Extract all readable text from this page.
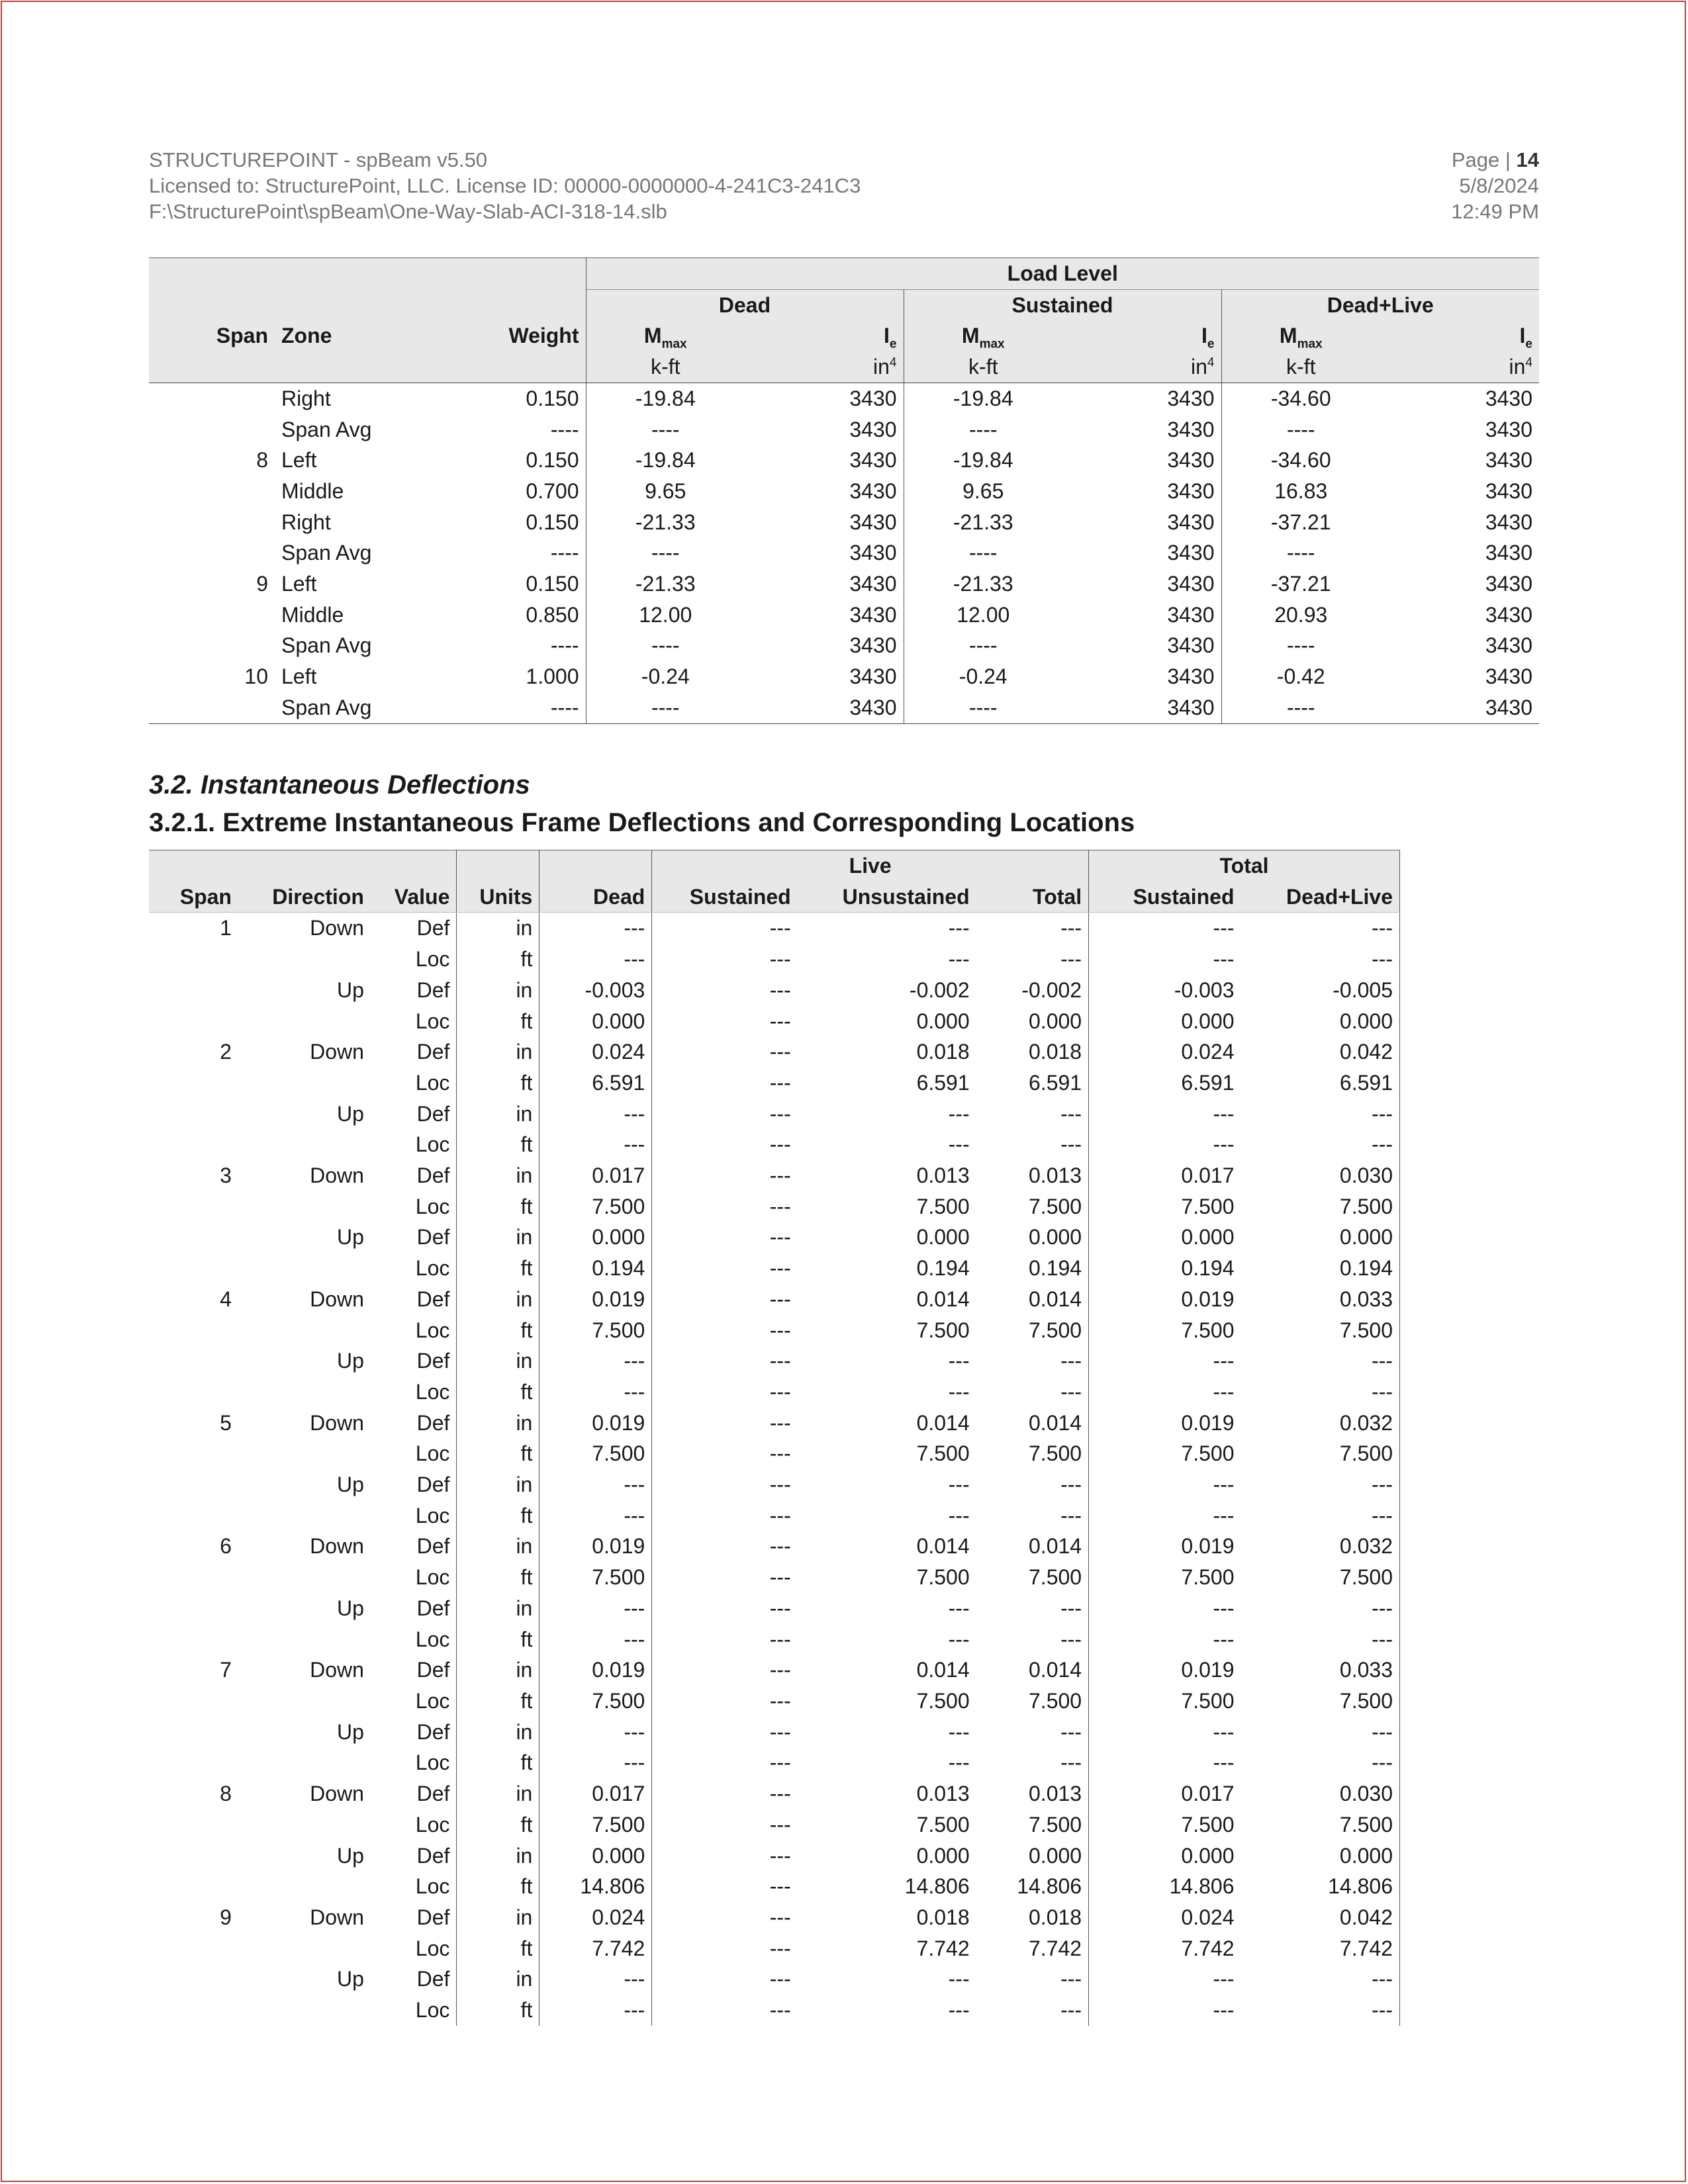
STRUCTUREPOINT - spBeam v5.50
Licensed to: StructurePoint, LLC. License ID: 00000-0000000-4-241C3-241C3
F:\StructurePoint\spBeam\One-Way-Slab-ACI-318-14.slb
Page | 14
5/8/2024
12:49 PM
			Load Level					
			Dead		Sustained		Dead+Live	
Span	Zone	Weight	$M_{max}$	$I_e$	$M_{max}$	$I_e$	$M_{max}$	$I_e$
			k-ft	$in^4$	k-ft	$in^4$	k-ft	$in^4$
	Right	0.150	-19.84	3430	-19.84	3430	-34.60	3430
	Span Avg	----	----	3430	----	3430	----	3430
8	Left	0.150	-19.84	3430	-19.84	3430	-34.60	3430
	Middle	0.700	9.65	3430	9.65	3430	16.83	3430
	Right	0.150	-21.33	3430	-21.33	3430	-37.21	3430
	Span Avg	----	----	3430	----	3430	----	3430
9	Left	0.150	-21.33	3430	-21.33	3430	-37.21	3430
	Middle	0.850	12.00	3430	12.00	3430	20.93	3430
	Span Avg	----	----	3430	----	3430	----	3430
10	Left	1.000	-0.24	3430	-0.24	3430	-0.42	3430
	Span Avg	----	----	3430	----	3430	----	3430
3.2. Instantaneous Deflections
3.2.1. Extreme Instantaneous Frame Deflections and Corresponding Locations
					Live			Total	
Span	Direction	Value	Units	Dead	Sustained	Unsustained	Total	Sustained	Dead+Live
1	Down	Def	in	---	---	---	---	---	---
		Loc	ft	---	---	---	---	---	---
	Up	Def	in	-0.003	---	-0.002	-0.002	-0.003	-0.005
		Loc	ft	0.000	---	0.000	0.000	0.000	0.000
2	Down	Def	in	0.024	---	0.018	0.018	0.024	0.042
		Loc	ft	6.591	---	6.591	6.591	6.591	6.591
	Up	Def	in	---	---	---	---	---	---
		Loc	ft	---	---	---	---	---	---
3	Down	Def	in	0.017	---	0.013	0.013	0.017	0.030
		Loc	ft	7.500	---	7.500	7.500	7.500	7.500
	Up	Def	in	0.000	---	0.000	0.000	0.000	0.000
		Loc	ft	0.194	---	0.194	0.194	0.194	0.194
4	Down	Def	in	0.019	---	0.014	0.014	0.019	0.033
		Loc	ft	7.500	---	7.500	7.500	7.500	7.500
	Up	Def	in	---	---	---	---	---	---
		Loc	ft	---	---	---	---	---	---
5	Down	Def	in	0.019	---	0.014	0.014	0.019	0.032
		Loc	ft	7.500	---	7.500	7.500	7.500	7.500
	Up	Def	in	---	---	---	---	---	---
		Loc	ft	---	---	---	---	---	---
6	Down	Def	in	0.019	---	0.014	0.014	0.019	0.032
		Loc	ft	7.500	---	7.500	7.500	7.500	7.500
	Up	Def	in	---	---	---	---	---	---
		Loc	ft	---	---	---	---	---	---
7	Down	Def	in	0.019	---	0.014	0.014	0.019	0.033
		Loc	ft	7.500	---	7.500	7.500	7.500	7.500
	Up	Def	in	---	---	---	---	---	---
		Loc	ft	---	---	---	---	---	---
8	Down	Def	in	0.017	---	0.013	0.013	0.017	0.030
		Loc	ft	7.500	---	7.500	7.500	7.500	7.500
	Up	Def	in	0.000	---	0.000	0.000	0.000	0.000
		Loc	ft	14.806	---	14.806	14.806	14.806	14.806
9	Down	Def	in	0.024	---	0.018	0.018	0.024	0.042
		Loc	ft	7.742	---	7.742	7.742	7.742	7.742
	Up	Def	in	---	---	---	---	---	---
		Loc	ft	---	---	---	---	---	---
